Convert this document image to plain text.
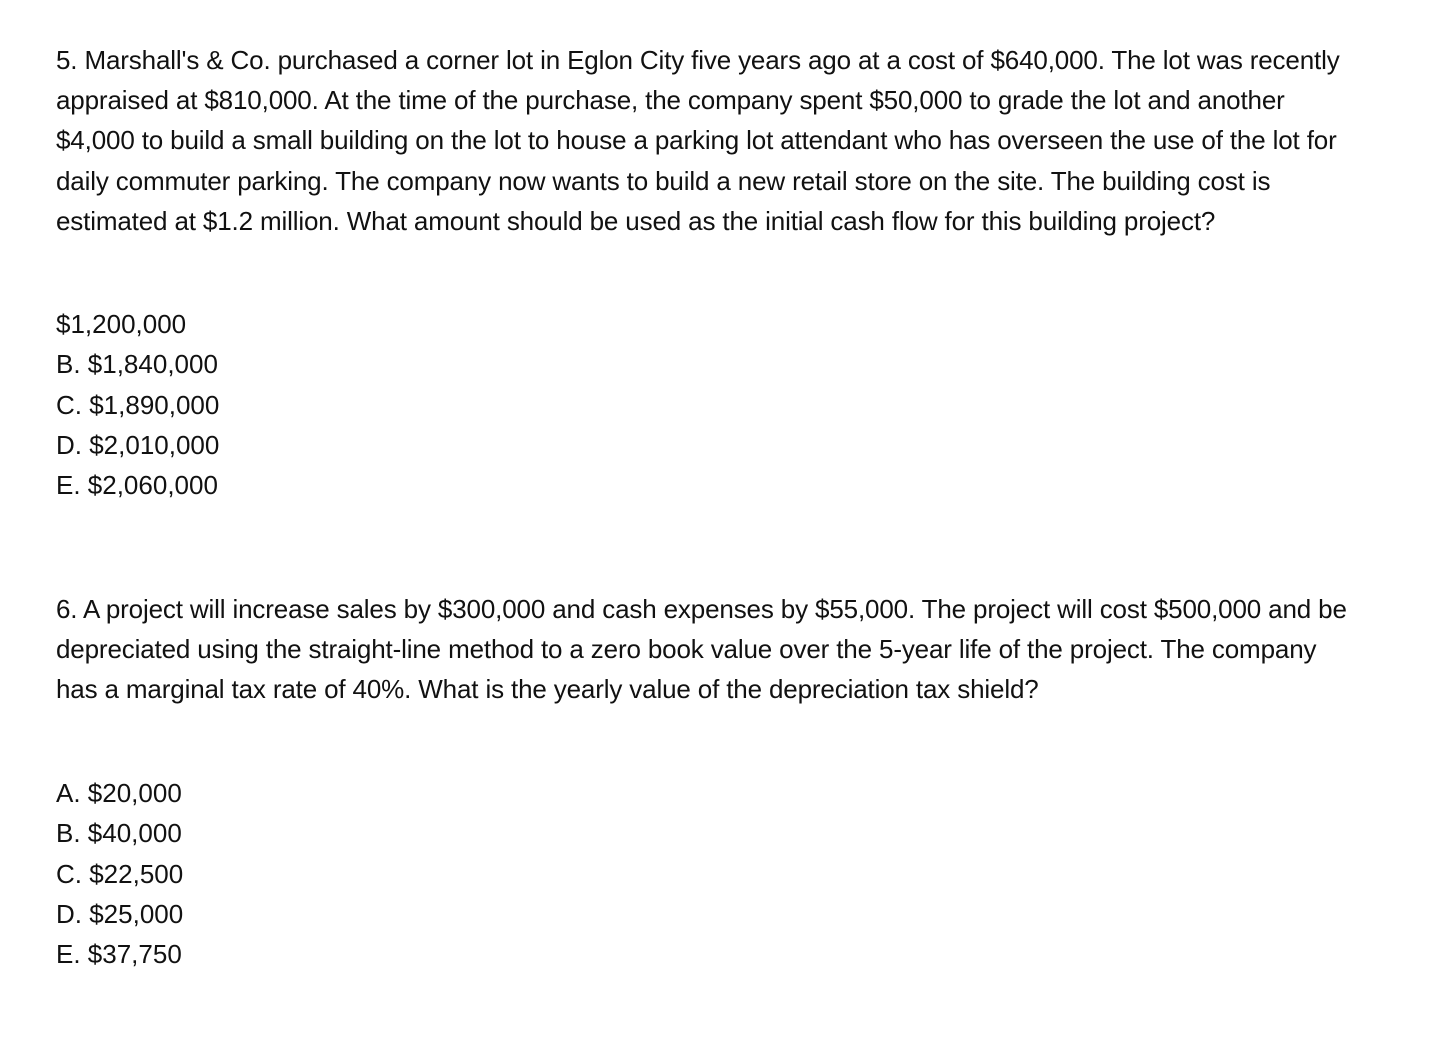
5. Marshall's & Co. purchased a corner lot in Eglon City five years ago at a cost of $640,000. The lot was recently appraised at $810,000. At the time of the purchase, the company spent $50,000 to grade the lot and another $4,000 to build a small building on the lot to house a parking lot attendant who has overseen the use of the lot for daily commuter parking. The company now wants to build a new retail store on the site. The building cost is estimated at $1.2 million. What amount should be used as the initial cash flow for this building project?

$1,200,000
B. $1,840,000
C. $1,890,000
D. $2,010,000
E. $2,060,000

6. A project will increase sales by $300,000 and cash expenses by $55,000. The project will cost $500,000 and be depreciated using the straight-line method to a zero book value over the 5-year life of the project. The company has a marginal tax rate of 40%. What is the yearly value of the depreciation tax shield?

A. $20,000
B. $40,000
C. $22,500
D. $25,000
E. $37,750
